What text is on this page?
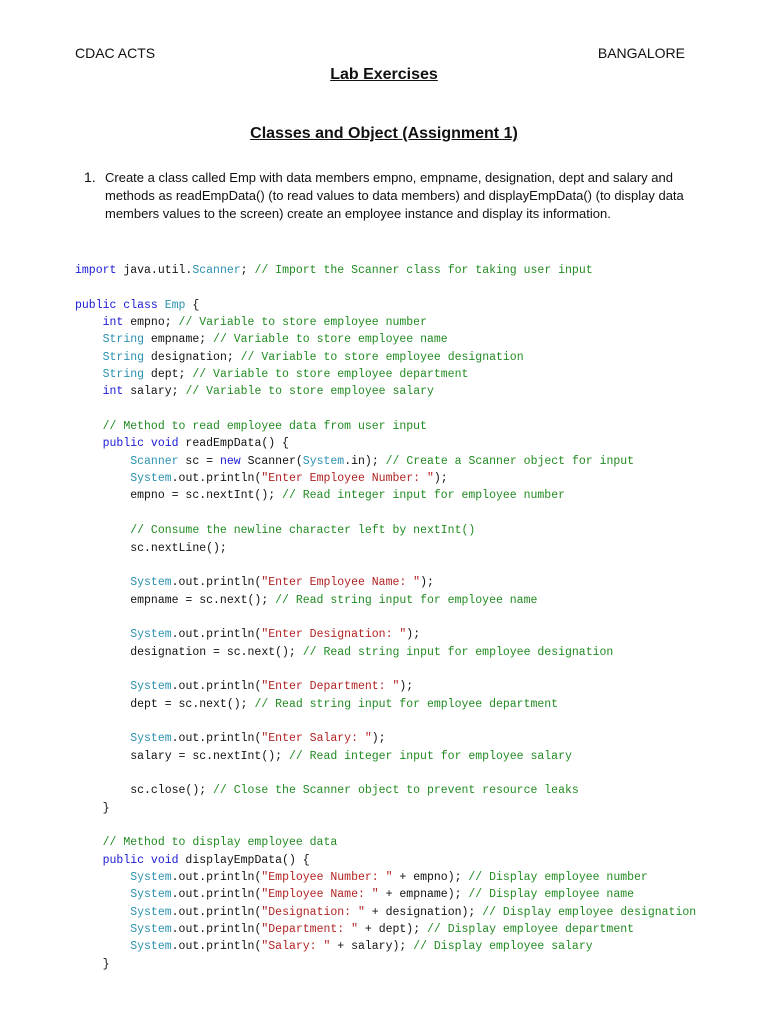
CDAC ACTS	BANGALORE
Lab Exercises
Classes and Object (Assignment 1)
1. Create a class called Emp with data members empno, empname, designation, dept and salary and methods as readEmpData() (to read values to data members) and displayEmpData() (to display data members values to the screen) create an employee instance and display its information.
import java.util.Scanner; // Import the Scanner class for taking user input

public class Emp {
int empno; // Variable to store employee number
String empname; // Variable to store employee name
String designation; // Variable to store employee designation
String dept; // Variable to store employee department
int salary; // Variable to store employee salary

// Method to read employee data from user input
public void readEmpData() {
Scanner sc = new Scanner(System.in); // Create a Scanner object for input
System.out.println("Enter Employee Number: ");
empno = sc.nextInt(); // Read integer input for employee number

// Consume the newline character left by nextInt()
sc.nextLine();

System.out.println("Enter Employee Name: ");
empname = sc.next(); // Read string input for employee name

System.out.println("Enter Designation: ");
designation = sc.next(); // Read string input for employee designation

System.out.println("Enter Department: ");
dept = sc.next(); // Read string input for employee department

System.out.println("Enter Salary: ");
salary = sc.nextInt(); // Read integer input for employee salary

sc.close(); // Close the Scanner object to prevent resource leaks
}

// Method to display employee data
public void displayEmpData() {
System.out.println("Employee Number: " + empno); // Display employee number
System.out.println("Employee Name: " + empname); // Display employee name
System.out.println("Designation: " + designation); // Display employee designation
System.out.println("Department: " + dept); // Display employee department
System.out.println("Salary: " + salary); // Display employee salary
}
